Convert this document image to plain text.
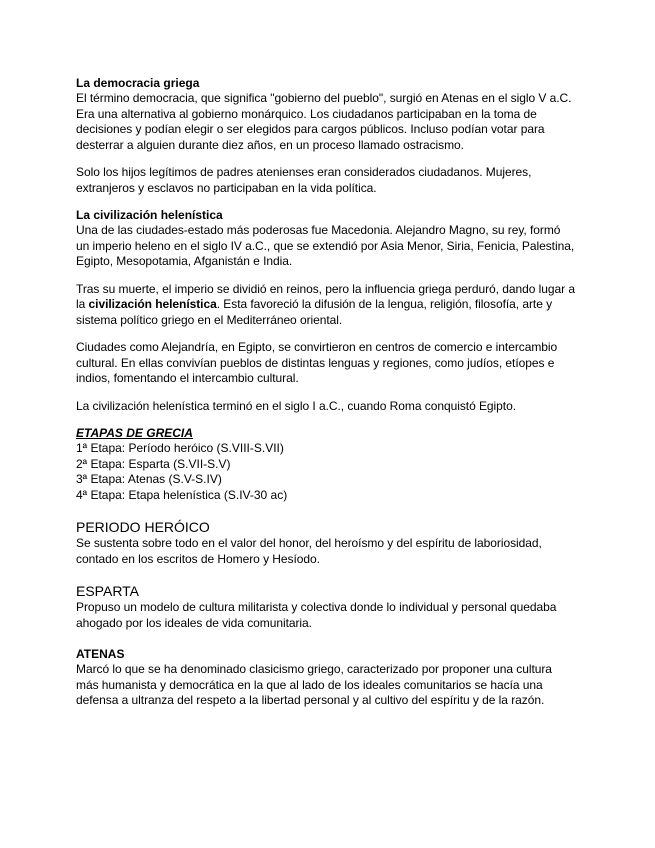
La democracia griega

El término democracia, que significa "gobierno del pueblo", surgió en Atenas en el siglo V a.C. Era una alternativa al gobierno monárquico. Los ciudadanos participaban en la toma de decisiones y podían elegir o ser elegidos para cargos públicos. Incluso podían votar para desterrar a alguien durante diez años, en un proceso llamado ostracismo.

Solo los hijos legítimos de padres atenienses eran considerados ciudadanos. Mujeres, extranjeros y esclavos no participaban en la vida política.

La civilización helenística

Una de las ciudades-estado más poderosas fue Macedonia. Alejandro Magno, su rey, formó un imperio heleno en el siglo IV a.C., que se extendió por Asia Menor, Siria, Fenicia, Palestina, Egipto, Mesopotamia, Afganistán e India.

Tras su muerte, el imperio se dividió en reinos, pero la influencia griega perduró, dando lugar a la civilización helenística. Esta favoreció la difusión de la lengua, religión, filosofía, arte y sistema político griego en el Mediterráneo oriental.

Ciudades como Alejandría, en Egipto, se convirtieron en centros de comercio e intercambio cultural. En ellas convivían pueblos de distintas lenguas y regiones, como judíos, etíopes e indios, fomentando el intercambio cultural.

La civilización helenística terminó en el siglo I a.C., cuando Roma conquistó Egipto.

ETAPAS DE GRECIA

1ª Etapa: Período heróico (S.VIII-S.VII)

2ª Etapa: Esparta (S.VII-S.V)

3ª Etapa: Atenas (S.V-S.IV)

4ª Etapa: Etapa helenística (S.IV-30 ac)

PERIODO HERÓICO

Se sustenta sobre todo en el valor del honor, del heroísmo y del espíritu de laboriosidad, contado en los escritos de Homero y Hesíodo.

ESPARTA

Propuso un modelo de cultura militarista y colectiva donde lo individual y personal quedaba ahogado por los ideales de vida comunitaria.

ATENAS

Marcó lo que se ha denominado clasicismo griego, caracterizado por proponer una cultura más humanista y democrática en la que al lado de los ideales comunitarios se hacía una defensa a ultranza del respeto a la libertad personal y al cultivo del espíritu y de la razón.
